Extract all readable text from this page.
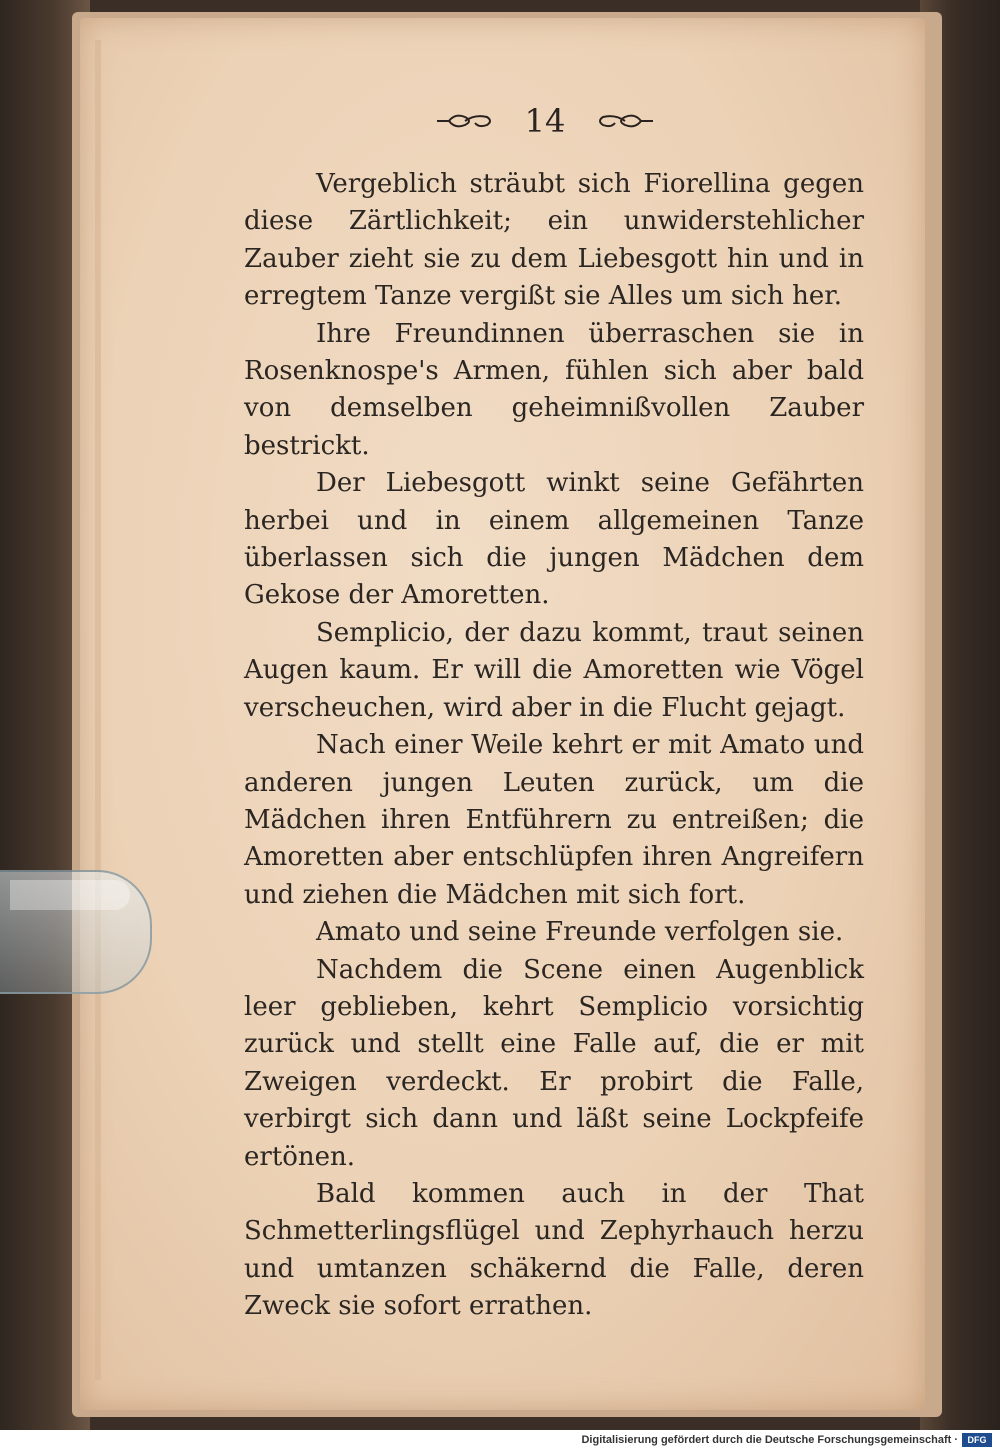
14

Vergeblich sträubt sich Fiorellina gegen diese Zärtlichkeit; ein unwiderstehlicher Zauber zieht sie zu dem Liebesgott hin und in erregtem Tanze vergißt sie Alles um sich her.

Ihre Freundinnen überraschen sie in Rosenknospe's Armen, fühlen sich aber bald von demselben geheimnißvollen Zauber bestrickt.

Der Liebesgott winkt seine Gefährten herbei und in einem allgemeinen Tanze überlassen sich die jungen Mädchen dem Gekose der Amoretten.

Semplicio, der dazu kommt, traut seinen Augen kaum. Er will die Amoretten wie Vögel verscheuchen, wird aber in die Flucht gejagt.

Nach einer Weile kehrt er mit Amato und anderen jungen Leuten zurück, um die Mädchen ihren Entführern zu entreißen; die Amoretten aber entschlüpfen ihren Angreifern und ziehen die Mädchen mit sich fort.

Amato und seine Freunde verfolgen sie.

Nachdem die Scene einen Augenblick leer geblieben, kehrt Semplicio vorsichtig zurück und stellt eine Falle auf, die er mit Zweigen verdeckt. Er probirt die Falle, verbirgt sich dann und läßt seine Lockpfeife ertönen.

Bald kommen auch in der That Schmetterlingsflügel und Zephyrhauch herzu und umtanzen schäkernd die Falle, deren Zweck sie sofort errathen.

Digitalisierung gefördert durch die Deutsche Forschungsgemeinschaft ·	DFG
